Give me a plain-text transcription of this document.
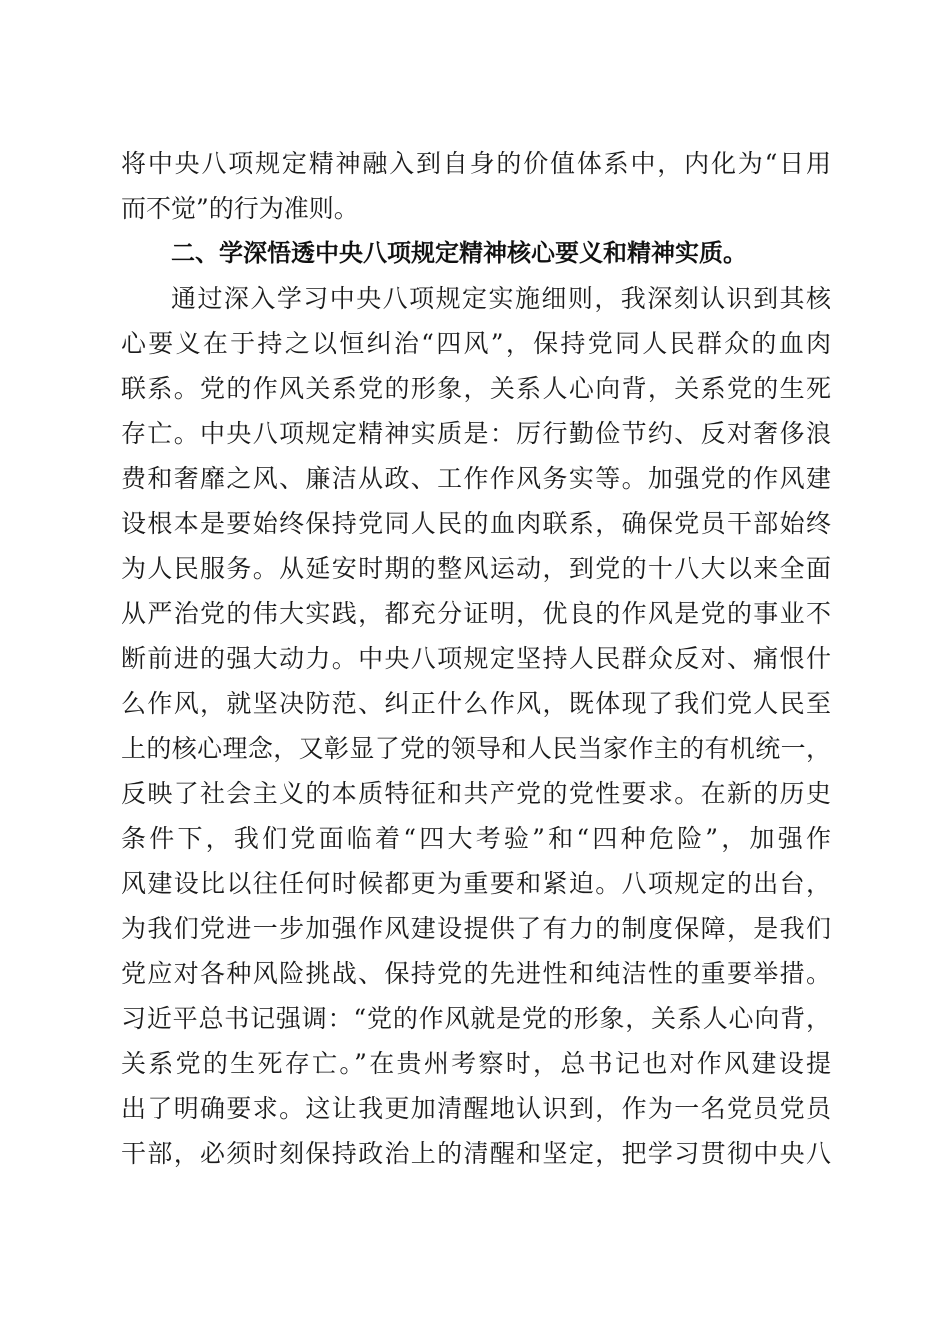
将中央八项规定精神融入到自身的价值体系中，内化为“日用
而不觉”的行为准则。
二、学深悟透中央八项规定精神核心要义和精神实质。
通过深入学习中央八项规定实施细则，我深刻认识到其核
心要义在于持之以恒纠治“四风”，保持党同人民群众的血肉
联系。党的作风关系党的形象，关系人心向背，关系党的生死
存亡。中央八项规定精神实质是：厉行勤俭节约、反对奢侈浪
费和奢靡之风、廉洁从政、工作作风务实等。加强党的作风建
设根本是要始终保持党同人民的血肉联系，确保党员干部始终
为人民服务。从延安时期的整风运动，到党的十八大以来全面
从严治党的伟大实践，都充分证明，优良的作风是党的事业不
断前进的强大动力。中央八项规定坚持人民群众反对、痛恨什
么作风，就坚决防范、纠正什么作风，既体现了我们党人民至
上的核心理念，又彰显了党的领导和人民当家作主的有机统一，
反映了社会主义的本质特征和共产党的党性要求。在新的历史
条件下，我们党面临着“四大考验”和“四种危险”，加强作
风建设比以往任何时候都更为重要和紧迫。八项规定的出台，
为我们党进一步加强作风建设提供了有力的制度保障，是我们
党应对各种风险挑战、保持党的先进性和纯洁性的重要举措。
习近平总书记强调：“党的作风就是党的形象，关系人心向背，
关系党的生死存亡。”在贵州考察时，总书记也对作风建设提
出了明确要求。这让我更加清醒地认识到，作为一名党员党员
干部，必须时刻保持政治上的清醒和坚定，把学习贯彻中央八
